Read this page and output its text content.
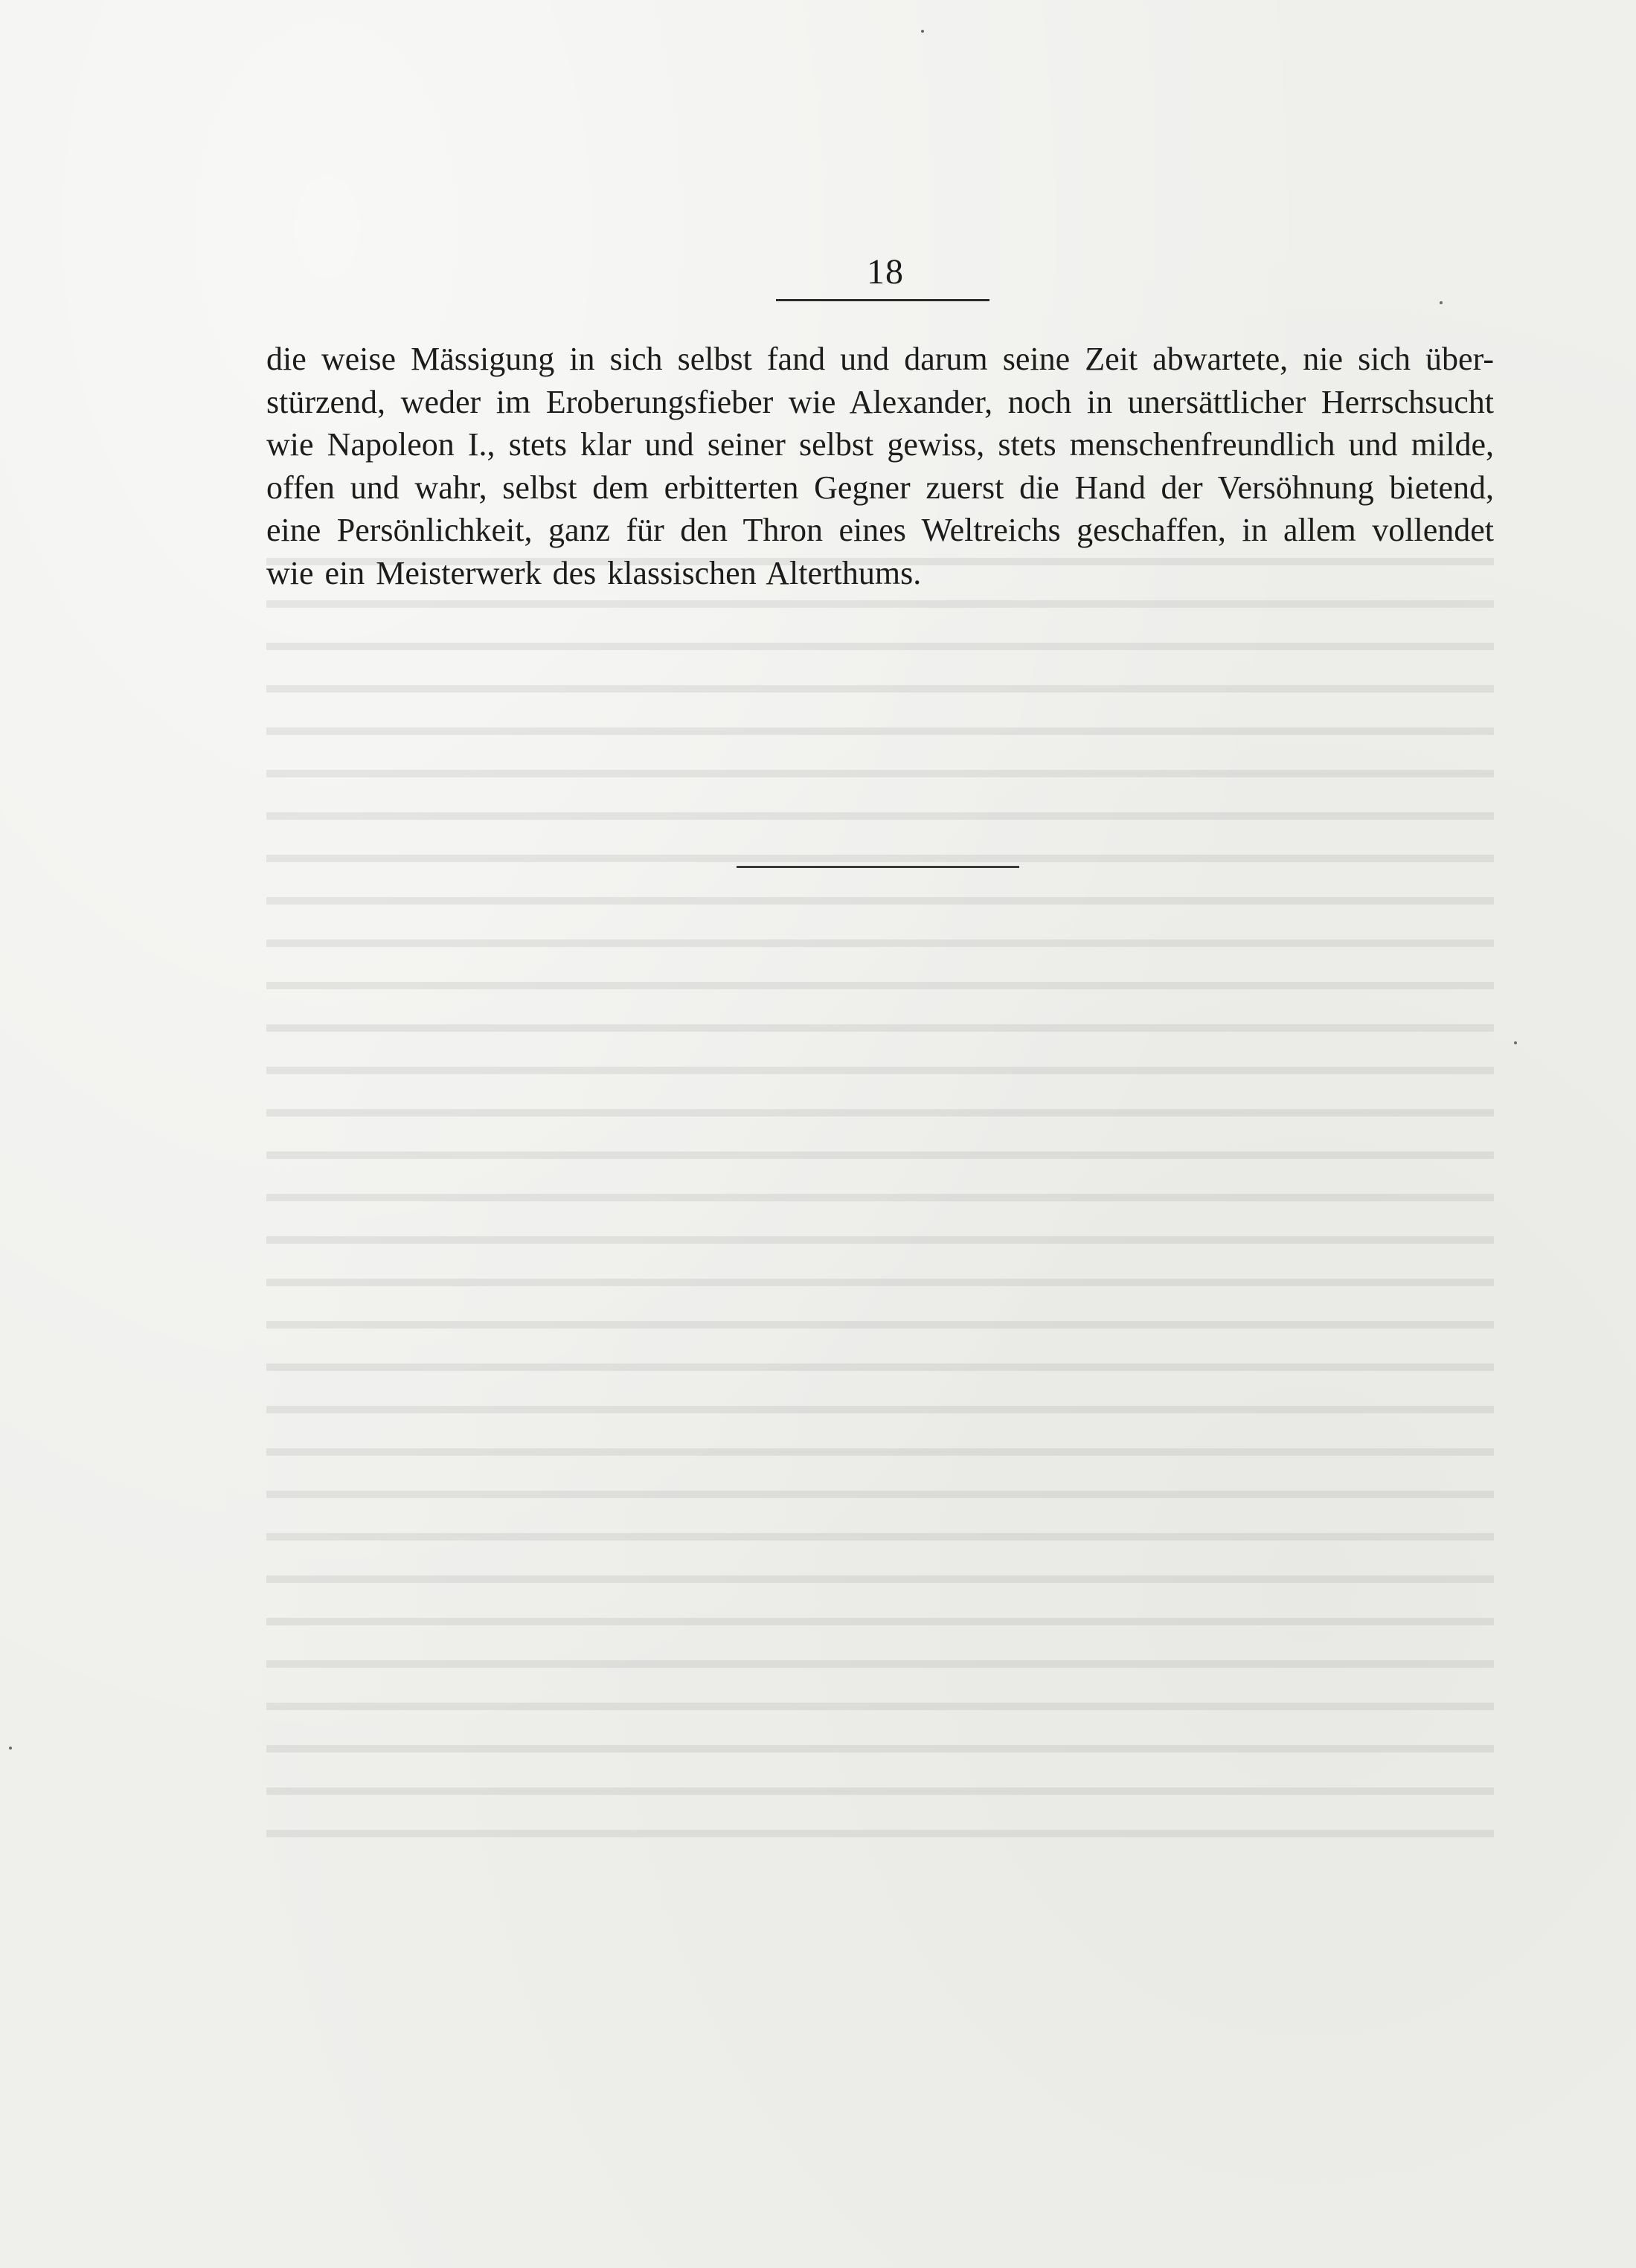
18
die weise Mässigung in sich selbst fand und darum seine Zeit abwartete, nie sich über-
stürzend, weder im Eroberungsfieber wie Alexander, noch in unersättlicher Herrschsucht
wie Napoleon I., stets klar und seiner selbst gewiss, stets menschenfreundlich und milde,
offen und wahr, selbst dem erbitterten Gegner zuerst die Hand der Versöhnung bietend,
eine Persönlichkeit, ganz für den Thron eines Weltreichs geschaffen, in allem vollendet
wie ein Meisterwerk des klassischen Alterthums.
